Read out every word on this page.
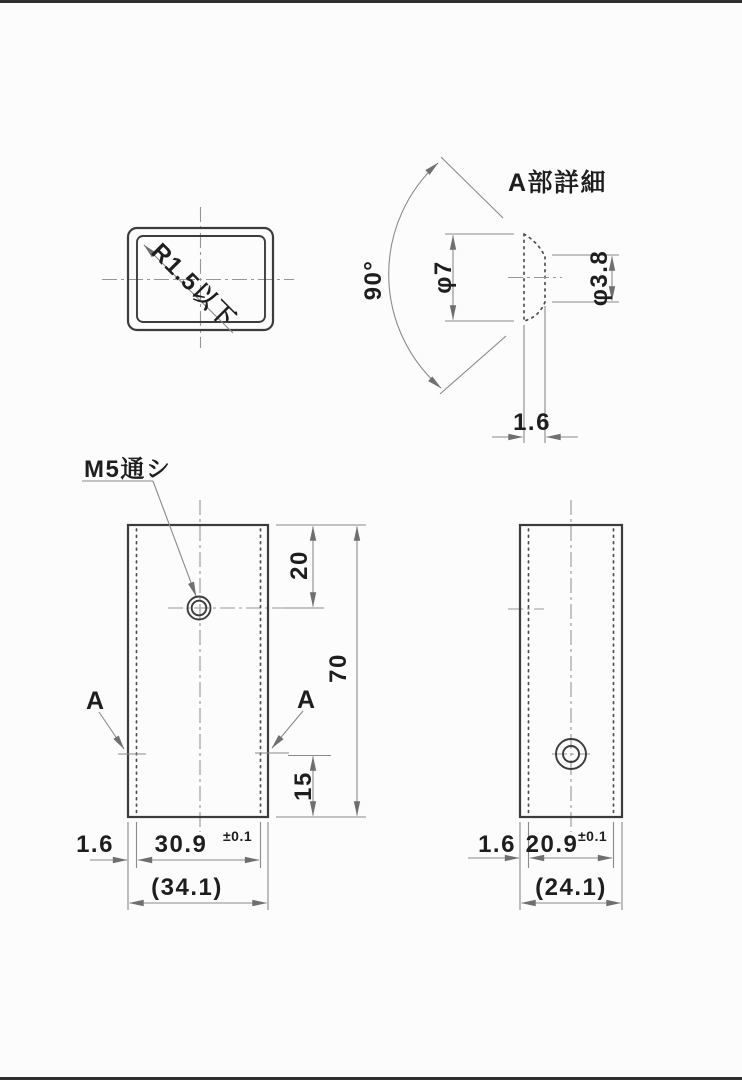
R1.5以下
A部詳細
90° φ7	φ3.8
1.6
M5通シ
A	A
20
15
70
1.6 30.9 ±0.1
(34.1)
1.6 20.9 ±0.1
(24.1)
